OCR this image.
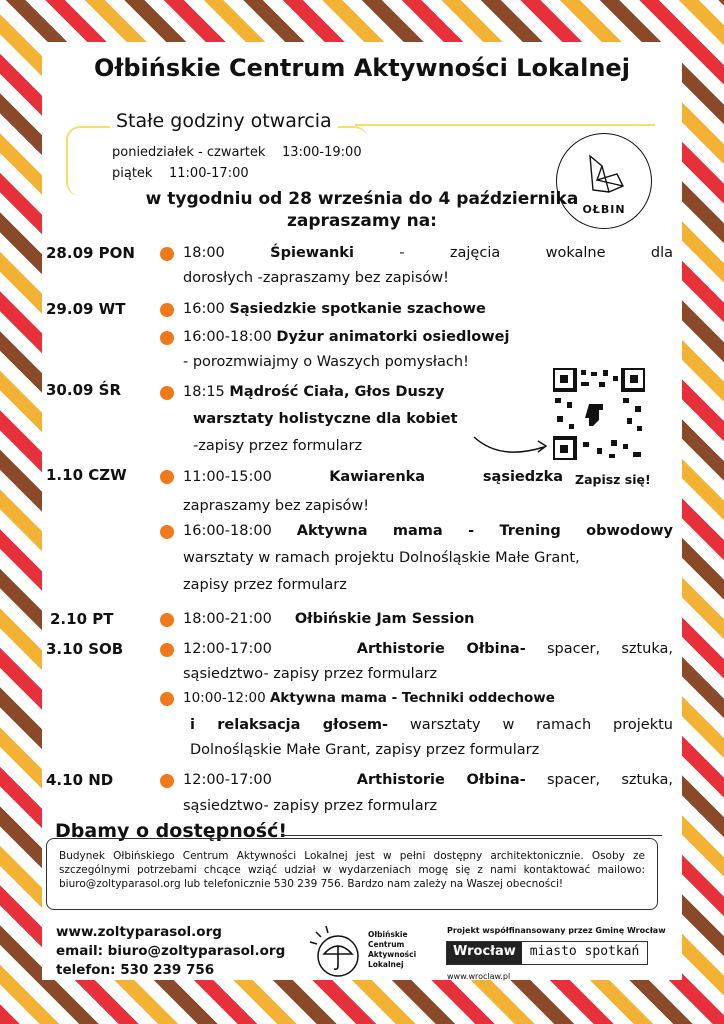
Ołbińskie Centrum Aktywności Lokalnej
Stałe godziny otwarcia
poniedziałek - czwartek 13:00-19:00
piątek 11:00-17:00
w tygodniu od 28 września do 4 października
zapraszamy na:
OŁBIN
28.09 PON	18:00	Śpiewanki - zajęcia wokalne dla
dorosłych -zapraszamy bez zapisów!
29.09 WT	16:00 Sąsiedzkie spotkanie szachowe
16:00-18:00 Dyżur animatorki osiedlowej
- porozmwiajmy o Waszych pomysłach!
30.09 ŚR	18:15 Mądrość Ciała, Głos Duszy
warsztaty holistyczne dla kobiet
-zapisy przez formularz
Zapisz się!
1.10 CZW	11:00-15:00	Kawiarenka sąsiedzka
zapraszamy bez zapisów!
16:00-18:00 Aktywna mama - Trening obwodowy
warsztaty w ramach projektu Dolnośląskie Małe Grant,
zapisy przez formularz
2.10 PT	18:00-21:00 Ołbińskie Jam Session
3.10 SOB	12:00-17:00	Arthistorie Ołbina- spacer, sztuka,
sąsiedztwo- zapisy przez formularz
10:00-12:00 Aktywna mama - Techniki oddechowe
i relaksacja głosem- warsztaty w ramach projektu
Dolnośląskie Małe Grant, zapisy przez formularz
4.10 ND	12:00-17:00	Arthistorie Ołbina- spacer, sztuka,
sąsiedztwo- zapisy przez formularz
Dbamy o dostępność!
Budynek Ołbińskiego Centrum Aktywności Lokalnej jest w pełni dostępny architektonicznie. Osoby ze szczególnymi potrzebami chcące wziąć udział w wydarzeniach mogę się z nami kontaktować mailowo: biuro@zoltyparasol.org lub telefonicznie 530 239 756. Bardzo nam zależy na Waszej obecności!
www.zoltyparasol.org
email: biuro@zoltyparasol.org
telefon: 530 239 756
Ołbińskie
Centrum
Aktywności
Lokalnej
Projekt współfinansowany przez Gminę Wrocław
Wrocław	miasto spotkań
www.wroclaw.pl
